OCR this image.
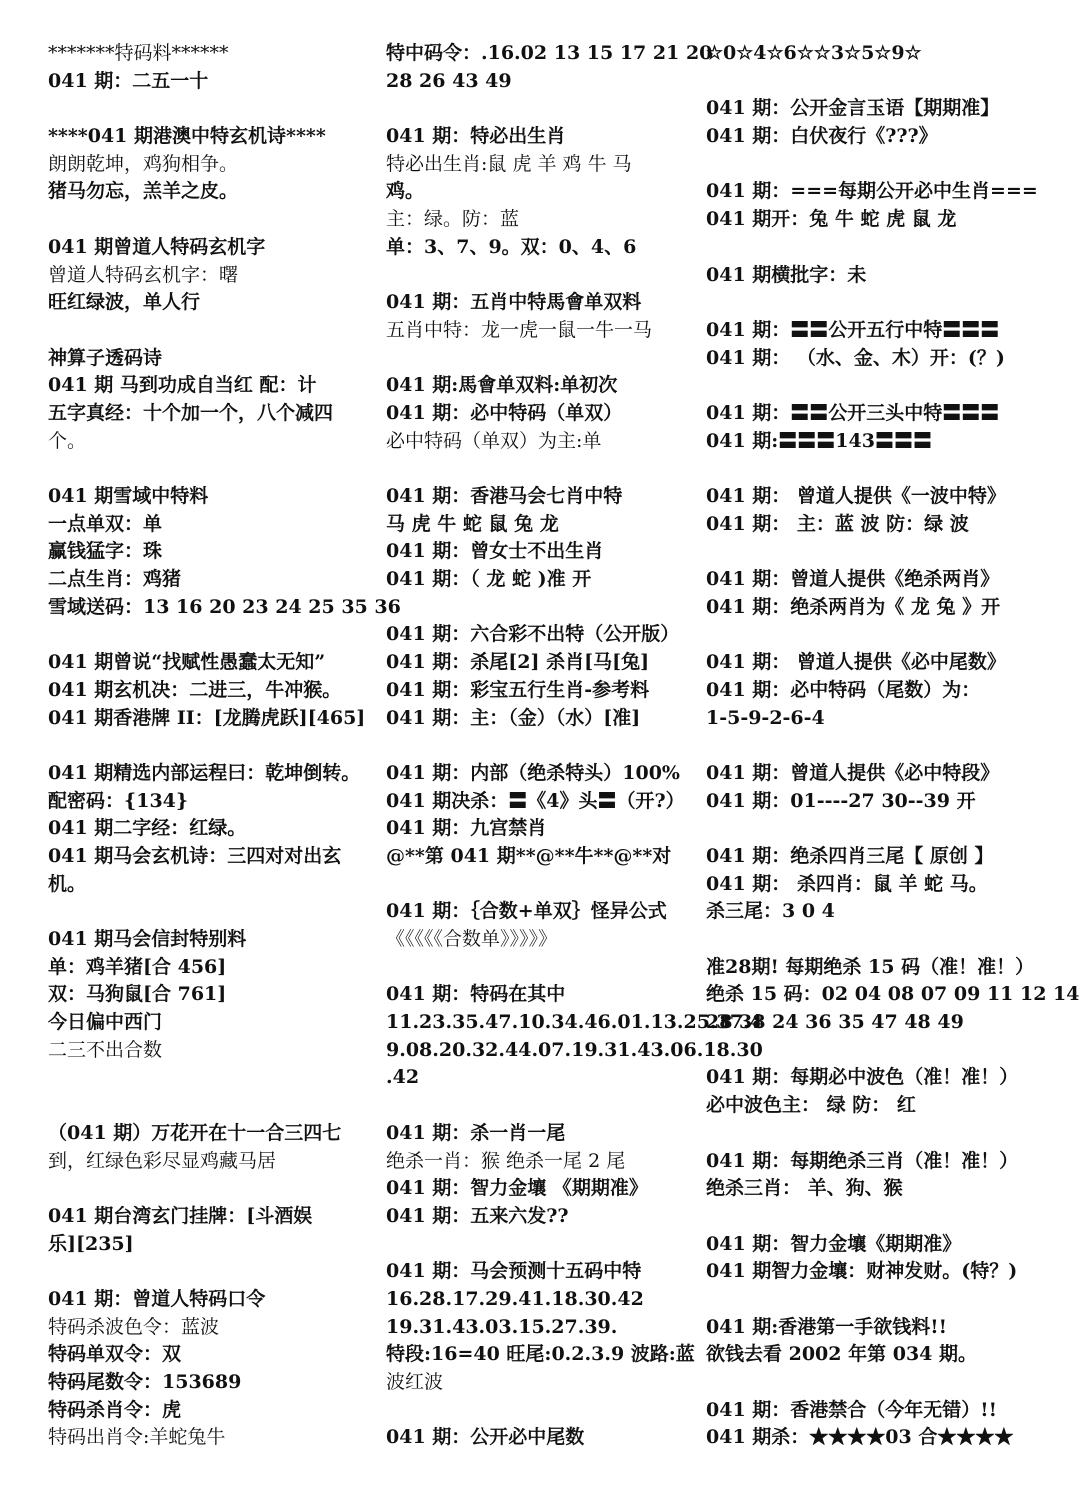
*******特码料******
041 期：二五一十
****041 期港澳中特玄机诗****
朗朗乾坤，鸡狗相争。
猪马勿忘，羔羊之皮。
041 期曾道人特码玄机字
曾道人特码玄机字：曙
旺红绿波，单人行
神算子透码诗
041 期 马到功成自当红 配：计
五字真经：十个加一个，八个减四
个。
041 期雪域中特料
一点单双：单
赢钱猛字：珠
二点生肖：鸡猪
雪域送码：13 16 20 23 24 25 35 36
041 期曾说“找赋性愚蠢太无知”
041 期玄机决：二进三，牛冲猴。
041 期香港牌 II：[龙腾虎跃][465]
041 期精选内部运程曰：乾坤倒转。
配密码：{134}
041 期二字经：红绿。
041 期马会玄机诗：三四对对出玄
机。
041 期马会信封特别料
单：鸡羊猪[合 456]
双：马狗鼠[合 761]
今日偏中西门
二三不出合数
（041 期）万花开在十一合三四七
到，红绿色彩尽显鸡藏马居
041 期台湾玄门挂牌：[斗酒娱
乐][235]
041 期：曾道人特码口令
特码杀波色令：蓝波
特码单双令：双
特码尾数令：153689
特码杀肖令：虎
特码出肖令:羊蛇兔牛
特中码令：.16.02 13 15 17 21 20
28 26 43 49
041 期：特必出生肖
特必出生肖:鼠 虎 羊 鸡 牛 马
鸡。
主：绿。防：蓝
单：3、7、9。双：0、4、6
041 期：五肖中特馬會单双料
五肖中特：龙一虎一鼠一牛一马
041 期:馬會单双料:单初次
041 期：必中特码（单双）
必中特码（单双）为主:单
041 期：香港马会七肖中特
马 虎 牛 蛇 鼠 兔 龙
041 期：曾女士不出生肖
041 期：（ 龙 蛇 )准 开
041 期：六合彩不出特（公开版）
041 期：杀尾[2] 杀肖[马[兔]
041 期：彩宝五行生肖-参考料
041 期：主：（金）（水）[准]
041 期：内部（绝杀特头）100%
041 期决杀：〓《4》头〓（开?）
041 期：九宫禁肖
@**第 041 期**@**牛**@**对
041 期：｛合数+单双｝怪异公式
《《《《《合数单》》》》》
041 期：特码在其中
11.23.35.47.10.34.46.01.13.25.37.4
9.08.20.32.44.07.19.31.43.06.18.30
.42
041 期：杀一肖一尾
绝杀一肖：猴 绝杀一尾 2 尾
041 期：智力金壤 《期期准》
041 期：五来六发??
041 期：马会预测十五码中特
16.28.17.29.41.18.30.42
19.31.43.03.15.27.39.
特段:16=40 旺尾:0.2.3.9 波路:蓝
波红波
041 期：公开必中尾数
☆0☆4☆6☆☆3☆5☆9☆
041 期：公开金言玉语【期期准】
041 期：白伏夜行《???》
041 期：===每期公开必中生肖===
041 期开：兔 牛 蛇 虎 鼠 龙
041 期横批字：未
041 期：〓〓公开五行中特〓〓〓
041 期： （水、金、木）开：(？)
041 期：〓〓公开三头中特〓〓〓
041 期:〓〓〓143〓〓〓
041 期： 曾道人提供《一波中特》
041 期： 主：蓝 波 防：绿 波
041 期：曾道人提供《绝杀两肖》
041 期：绝杀两肖为《 龙 兔 》开
041 期： 曾道人提供《必中尾数》
041 期：必中特码（尾数）为：
1-5-9-2-6-4
041 期：曾道人提供《必中特段》
041 期：01----27 30--39 开
041 期：绝杀四肖三尾【 原创 】
041 期： 杀四肖：鼠 羊 蛇 马。
杀三尾：3 0 4
准28期! 每期绝杀 15 码（准！准！）
绝杀 15 码：02 04 08 07 09 11 12 14
28 38 24 36 35 47 48 49
041 期：每期必中波色（准！准！）
必中波色主： 绿 防： 红
041 期：每期绝杀三肖（准！准！）
绝杀三肖： 羊、狗、猴
041 期：智力金壤《期期准》
041 期智力金壤：财神发财。(特？)
041 期:香港第一手欲钱料!!
欲钱去看 2002 年第 034 期。
041 期：香港禁合（今年无错）!!
041 期杀：★★★★03 合★★★★
